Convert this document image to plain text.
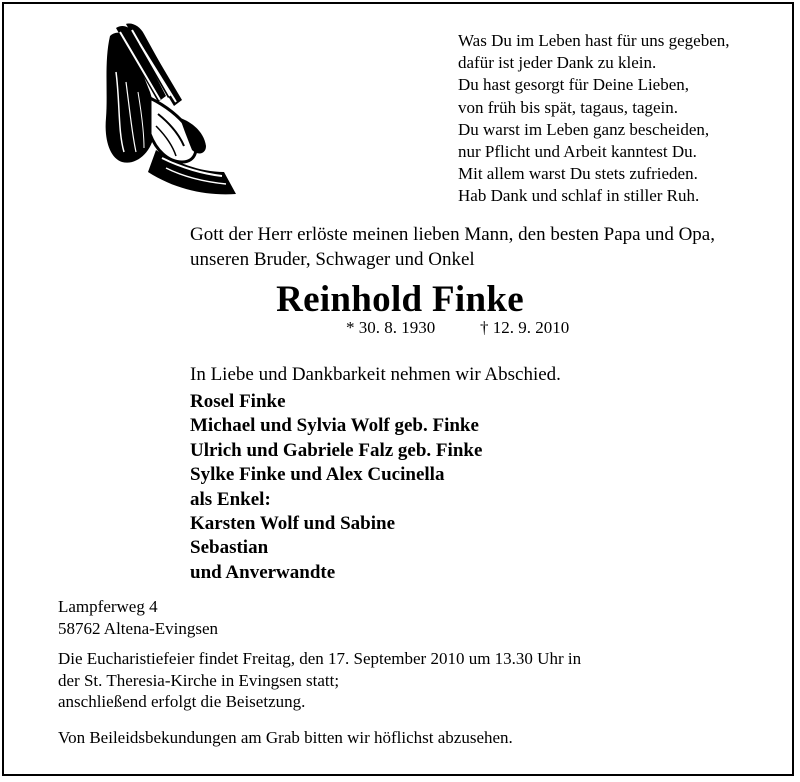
Was Du im Leben hast für uns gegeben,
dafür ist jeder Dank zu klein.
Du hast gesorgt für Deine Lieben,
von früh bis spät, tagaus, tagein.
Du warst im Leben ganz bescheiden,
nur Pflicht und Arbeit kanntest Du.
Mit allem warst Du stets zufrieden.
Hab Dank und schlaf in stiller Ruh.
Gott der Herr erlöste meinen lieben Mann, den besten Papa und Opa,
unseren Bruder, Schwager und Onkel
Reinhold Finke
* 30. 8. 1930	† 12. 9. 2010
In Liebe und Dankbarkeit nehmen wir Abschied.
Rosel Finke
Michael und Sylvia Wolf geb. Finke
Ulrich und Gabriele Falz geb. Finke
Sylke Finke und Alex Cucinella
als Enkel:
Karsten Wolf und Sabine
Sebastian
und Anverwandte
Lampferweg 4
58762 Altena-Evingsen
Die Eucharistiefeier findet Freitag, den 17. September 2010 um 13.30 Uhr in
der St. Theresia-Kirche in Evingsen statt;
anschließend erfolgt die Beisetzung.
Von Beileidsbekundungen am Grab bitten wir höflichst abzusehen.
